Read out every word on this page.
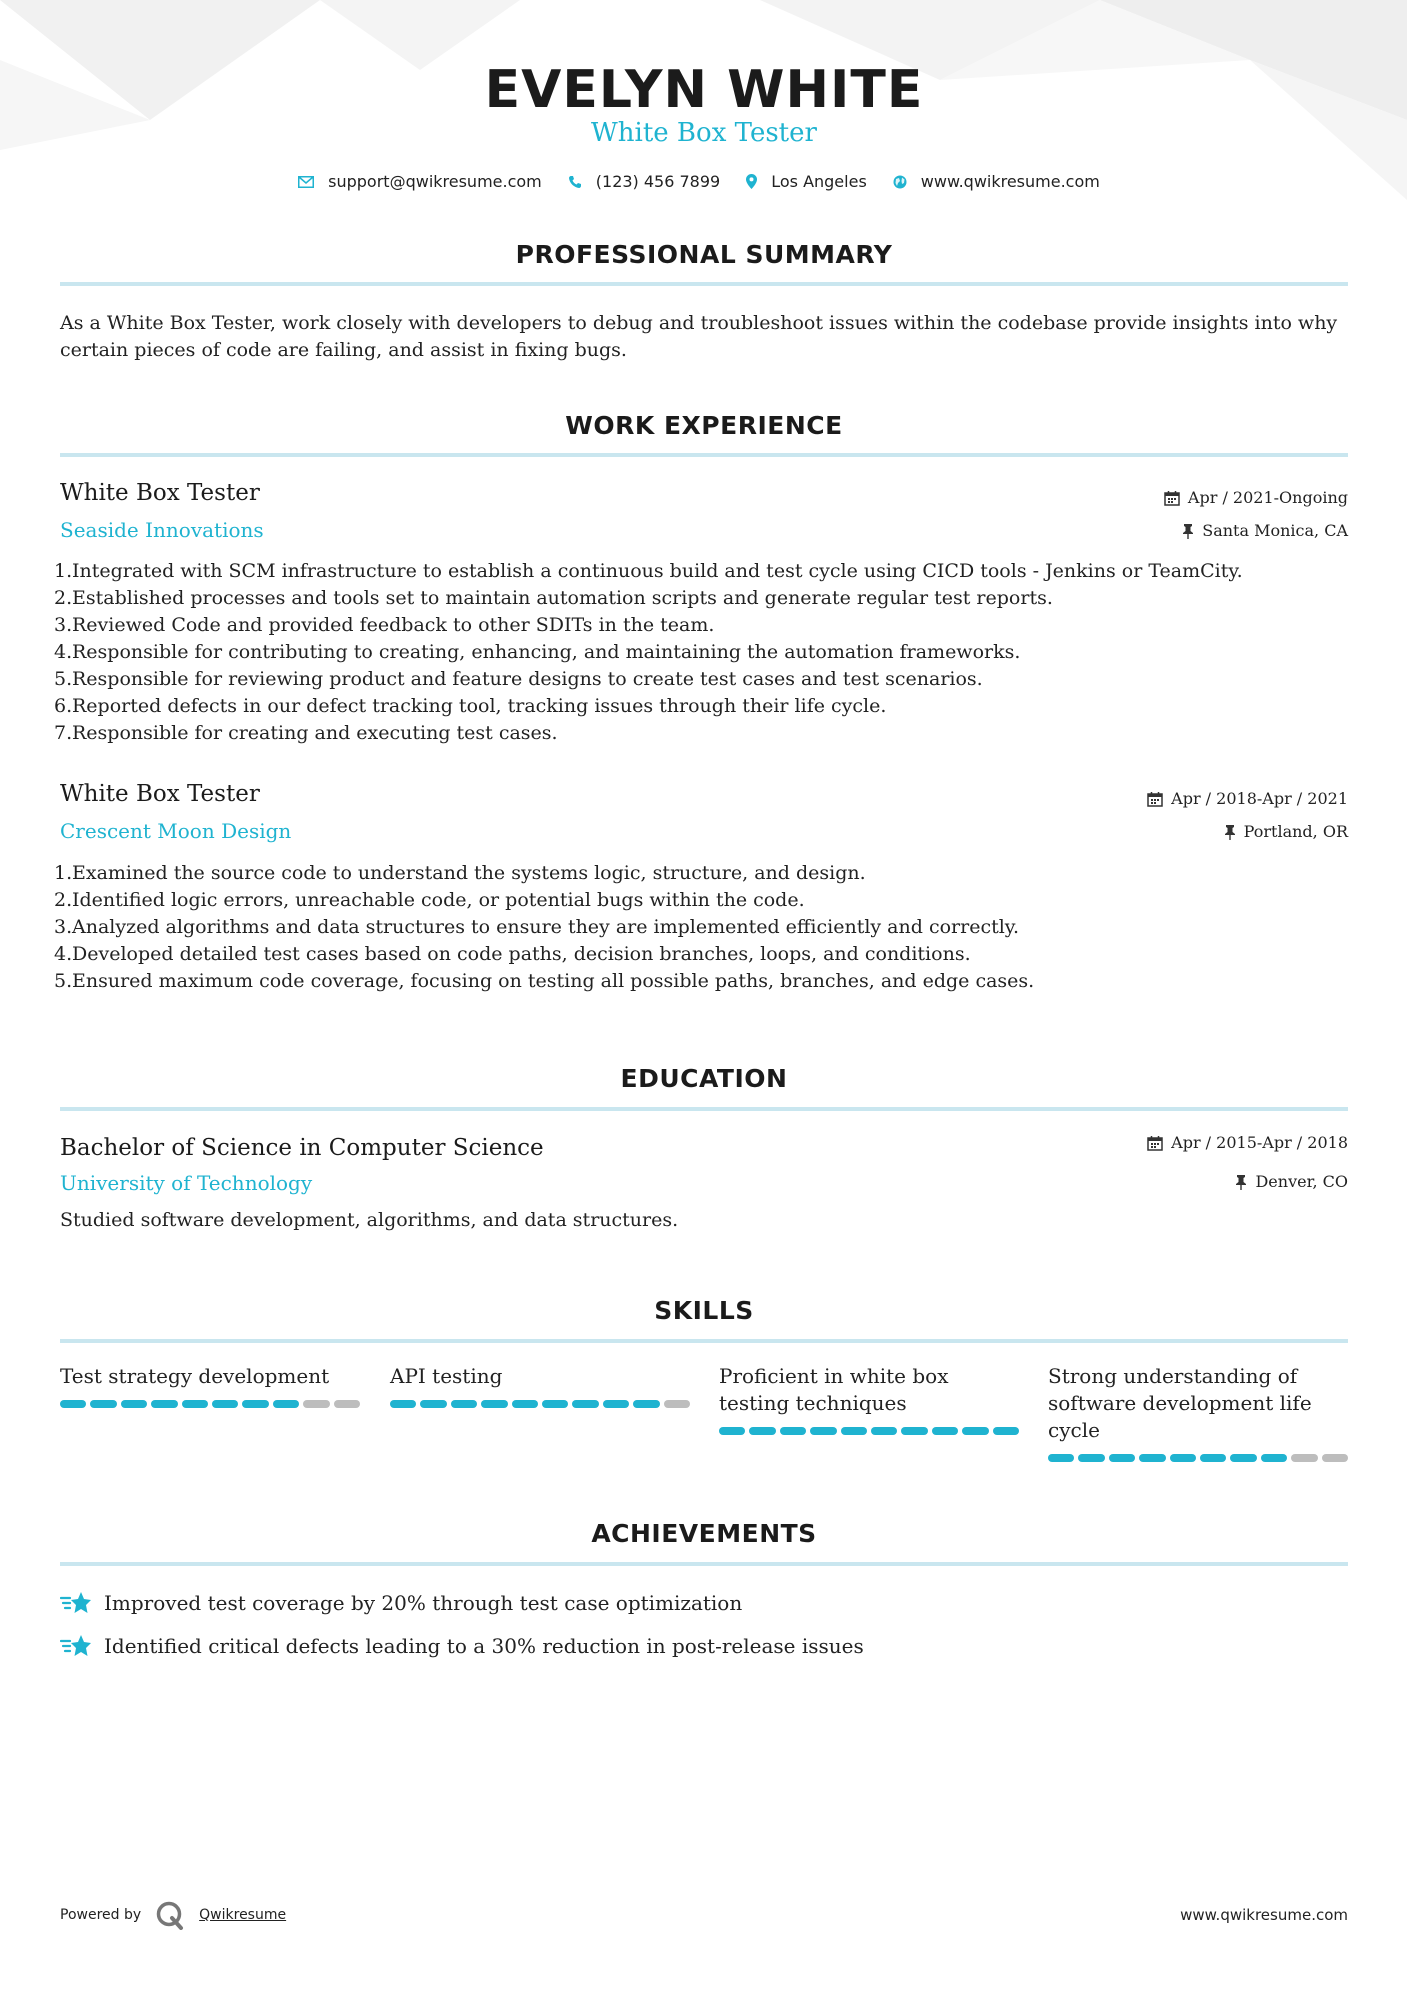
EVELYN WHITE
White Box Tester
support@qwikresume.com	(123) 456 7899	Los Angeles	www.qwikresume.com
PROFESSIONAL SUMMARY

As a White Box Tester, work closely with developers to debug and troubleshoot issues within the codebase provide insights into why certain pieces of code are failing, and assist in fixing bugs.

WORK EXPERIENCE
White Box Tester	Apr / 2021-Ongoing
Seaside Innovations	Santa Monica, CA
1. Integrated with SCM infrastructure to establish a continuous build and test cycle using CICD tools - Jenkins or TeamCity.
2. Established processes and tools set to maintain automation scripts and generate regular test reports.
3. Reviewed Code and provided feedback to other SDITs in the team.
4. Responsible for contributing to creating, enhancing, and maintaining the automation frameworks.
5. Responsible for reviewing product and feature designs to create test cases and test scenarios.
6. Reported defects in our defect tracking tool, tracking issues through their life cycle.
7. Responsible for creating and executing test cases.
White Box Tester	Apr / 2018-Apr / 2021
Crescent Moon Design	Portland, OR
1. Examined the source code to understand the systems logic, structure, and design.
2. Identified logic errors, unreachable code, or potential bugs within the code.
3. Analyzed algorithms and data structures to ensure they are implemented efficiently and correctly.
4. Developed detailed test cases based on code paths, decision branches, loops, and conditions.
5. Ensured maximum code coverage, focusing on testing all possible paths, branches, and edge cases.
EDUCATION
Bachelor of Science in Computer Science	Apr / 2015-Apr / 2018
University of Technology	Denver, CO

Studied software development, algorithms, and data structures.

SKILLS
Test strategy development	API testing	Proficient in white box testing techniques
Strong understanding of software development life cycle
ACHIEVEMENTS
Improved test coverage by 20% through test case optimization
Identified critical defects leading to a 30% reduction in post-release issues
Powered by	Qwikresume	www.qwikresume.com
